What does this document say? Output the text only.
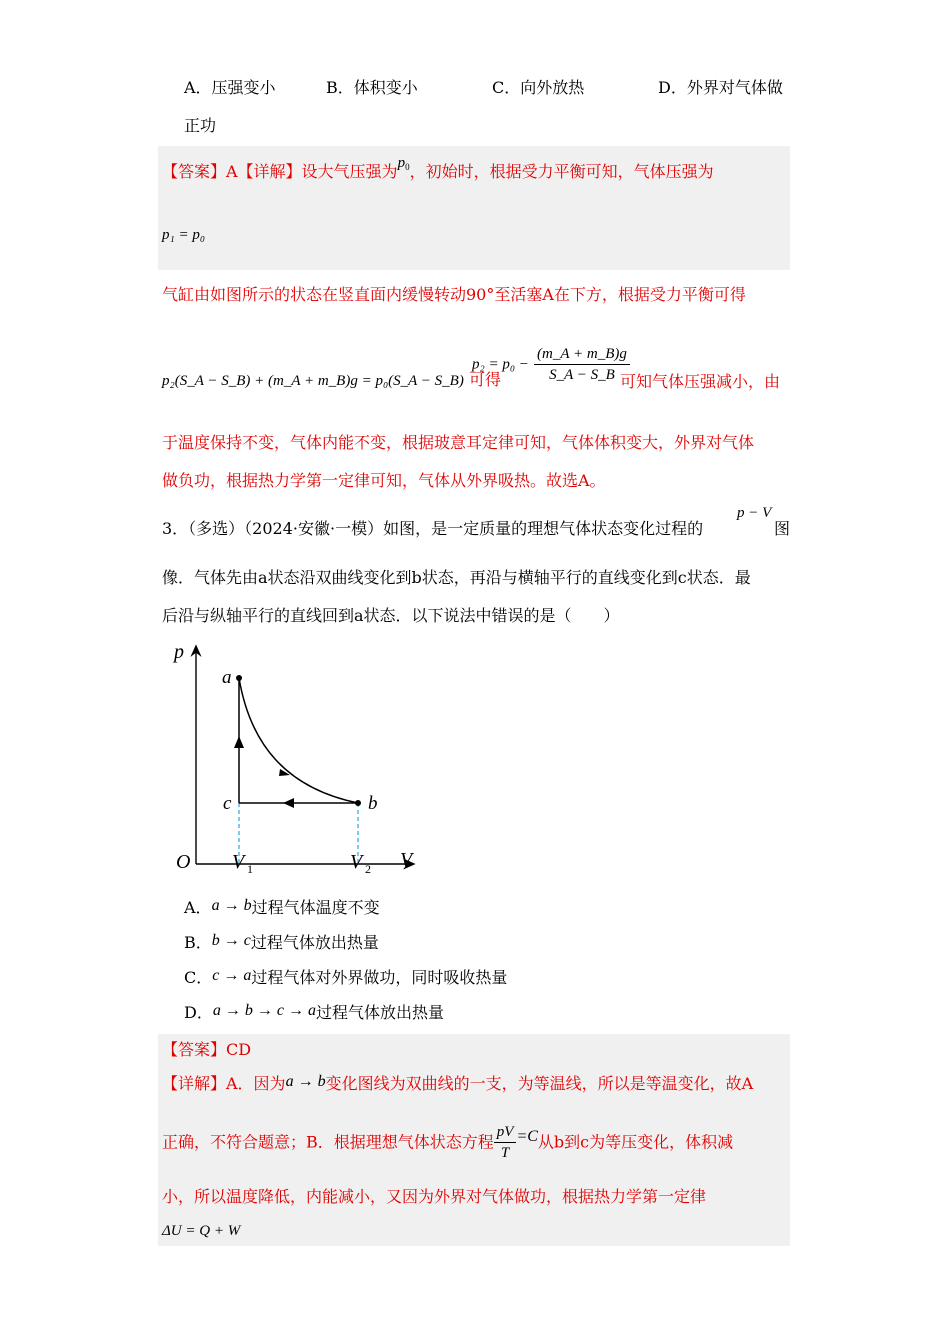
A．压强变小	B．体积变小	C．向外放热	D．外界对气体做
正功
【答案】A【详解】设大气压强为$p_0$，初始时，根据受力平衡可知，气体压强为
p₁ = p₀
气缸由如图所示的状态在竖直面内缓慢转动90°至活塞A在下方，根据受力平衡可得
p₂(S_A − S_B) + (m_A + m_B)g = p₀(S_A − S_B) 可得
$p_2 = p_0 - \frac{(m\_A + m\_B)g}{S\_A - S\_B}$
可知气体压强减小，由
于温度保持不变，气体内能不变，根据玻意耳定律可知，气体体积变大，外界对气体
做负功，根据热力学第一定律可知，气体从外界吸热。故选A。
3．（多选）（2024·安徽·一模）如图，是一定质量的理想气体状态变化过程的
p − V
图
像．气体先由a状态沿双曲线变化到b状态，再沿与横轴平行的直线变化到c状态．最
后沿与纵轴平行的直线回到a状态．以下说法中错误的是（　　）
p
V
O
a
b
c
V 1	V 2
A．a → b过程气体温度不变
B．b → c过程气体放出热量
C．c → a过程气体对外界做功，同时吸收热量
D．a → b → c → a过程气体放出热量
【答案】CD
【详解】A．因为a → b变化图线为双曲线的一支，为等温线，所以是等温变化，故A
正确，不符合题意；B．根据理想气体状态方程 $\frac{pV}{T} =C$从b到c为等压变化，体积减
小，所以温度降低，内能减小，又因为外界对气体做功，根据热力学第一定律
ΔU = Q + W
